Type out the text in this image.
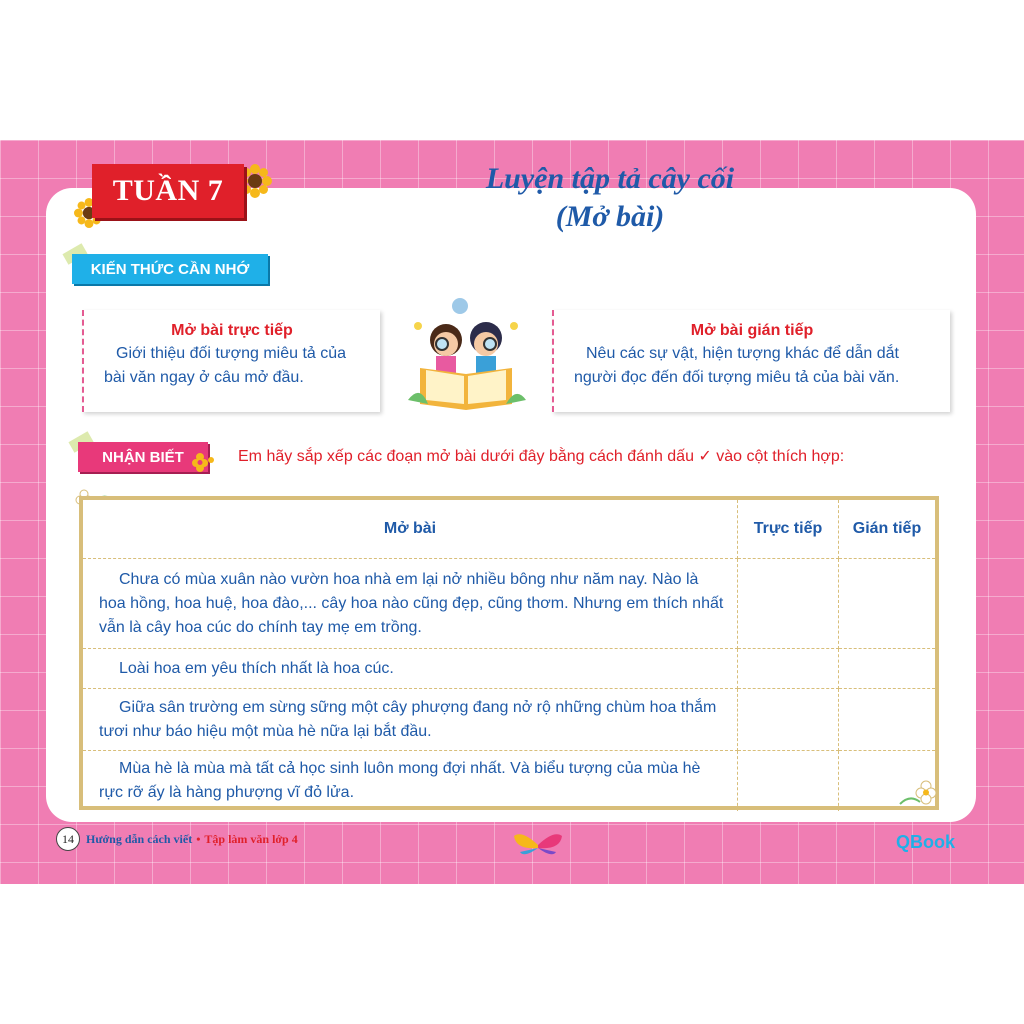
TUẦN 7	Luyện tập tả cây cối
(Mở bài)
KIẾN THỨC CẦN NHỚ
Mở bài trực tiếp
Giới thiệu đối tượng miêu tả của
bài văn ngay ở câu mở đầu.
Mở bài gián tiếp
Nêu các sự vật, hiện tượng khác để dẫn dắt
người đọc đến đối tượng miêu tả của bài văn.
NHẬN BIẾT	Em hãy sắp xếp các đoạn mở bài dưới đây bằng cách đánh dấu ✓ vào cột thích hợp:
Mở bài	Trực tiếp	Gián tiếp
Chưa có mùa xuân nào vườn hoa nhà em lại nở nhiều bông như năm nay. Nào là hoa hồng, hoa huệ, hoa đào,... cây hoa nào cũng đẹp, cũng thơm. Nhưng em thích nhất vẫn là cây hoa cúc do chính tay mẹ em trồng.		
Loài hoa em yêu thích nhất là hoa cúc.		
Giữa sân trường em sừng sững một cây phượng đang nở rộ những chùm hoa thắm tươi như báo hiệu một mùa hè nữa lại bắt đầu.		
Mùa hè là mùa mà tất cả học sinh luôn mong đợi nhất. Và biểu tượng của mùa hè rực rỡ ấy là hàng phượng vĩ đỏ lửa.		
14	Hướng dẫn cách viết • Tập làm văn lớp 4	QBook
